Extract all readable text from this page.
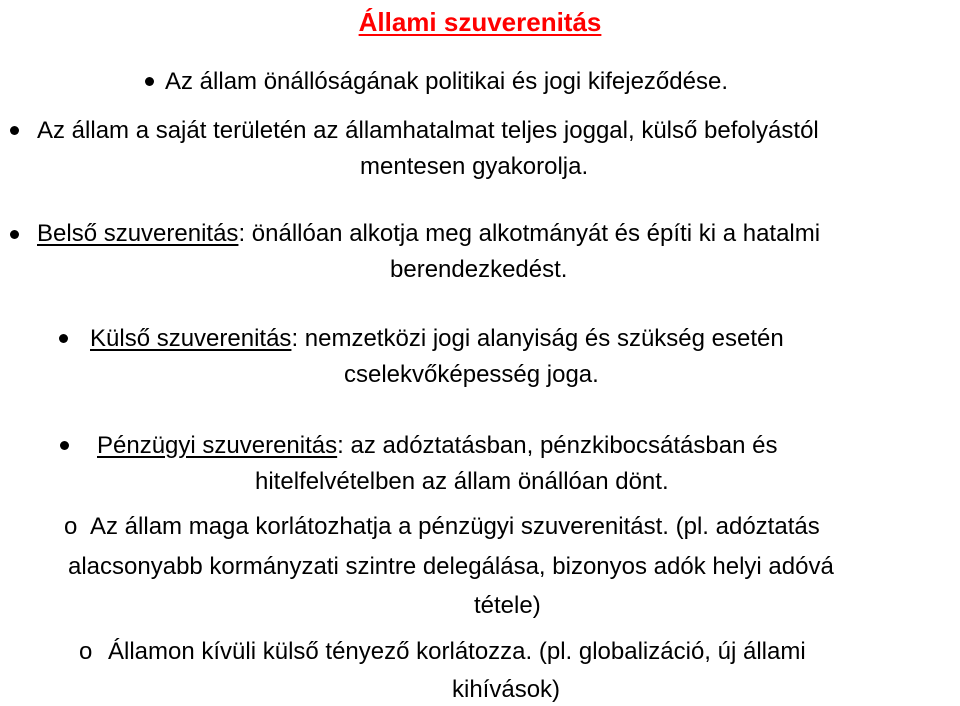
Állami szuverenitás
Az állam önállóságának politikai és jogi kifejeződése.
Az állam a saját területén az államhatalmat teljes joggal, külső befolyástól
mentesen gyakorolja.
Belső szuverenitás: önállóan alkotja meg alkotmányát és építi ki a hatalmi
berendezkedést.
Külső szuverenitás: nemzetközi jogi alanyiság és szükség esetén
cselekvőképesség joga.
Pénzügyi szuverenitás: az adóztatásban, pénzkibocsátásban és
hitelfelvételben az állam önállóan dönt.
o Az állam maga korlátozhatja a pénzügyi szuverenitást. (pl. adóztatás
alacsonyabb kormányzati szintre delegálása, bizonyos adók helyi adóvá
tétele)
o Államon kívüli külső tényező korlátozza. (pl. globalizáció, új állami
kihívások)
